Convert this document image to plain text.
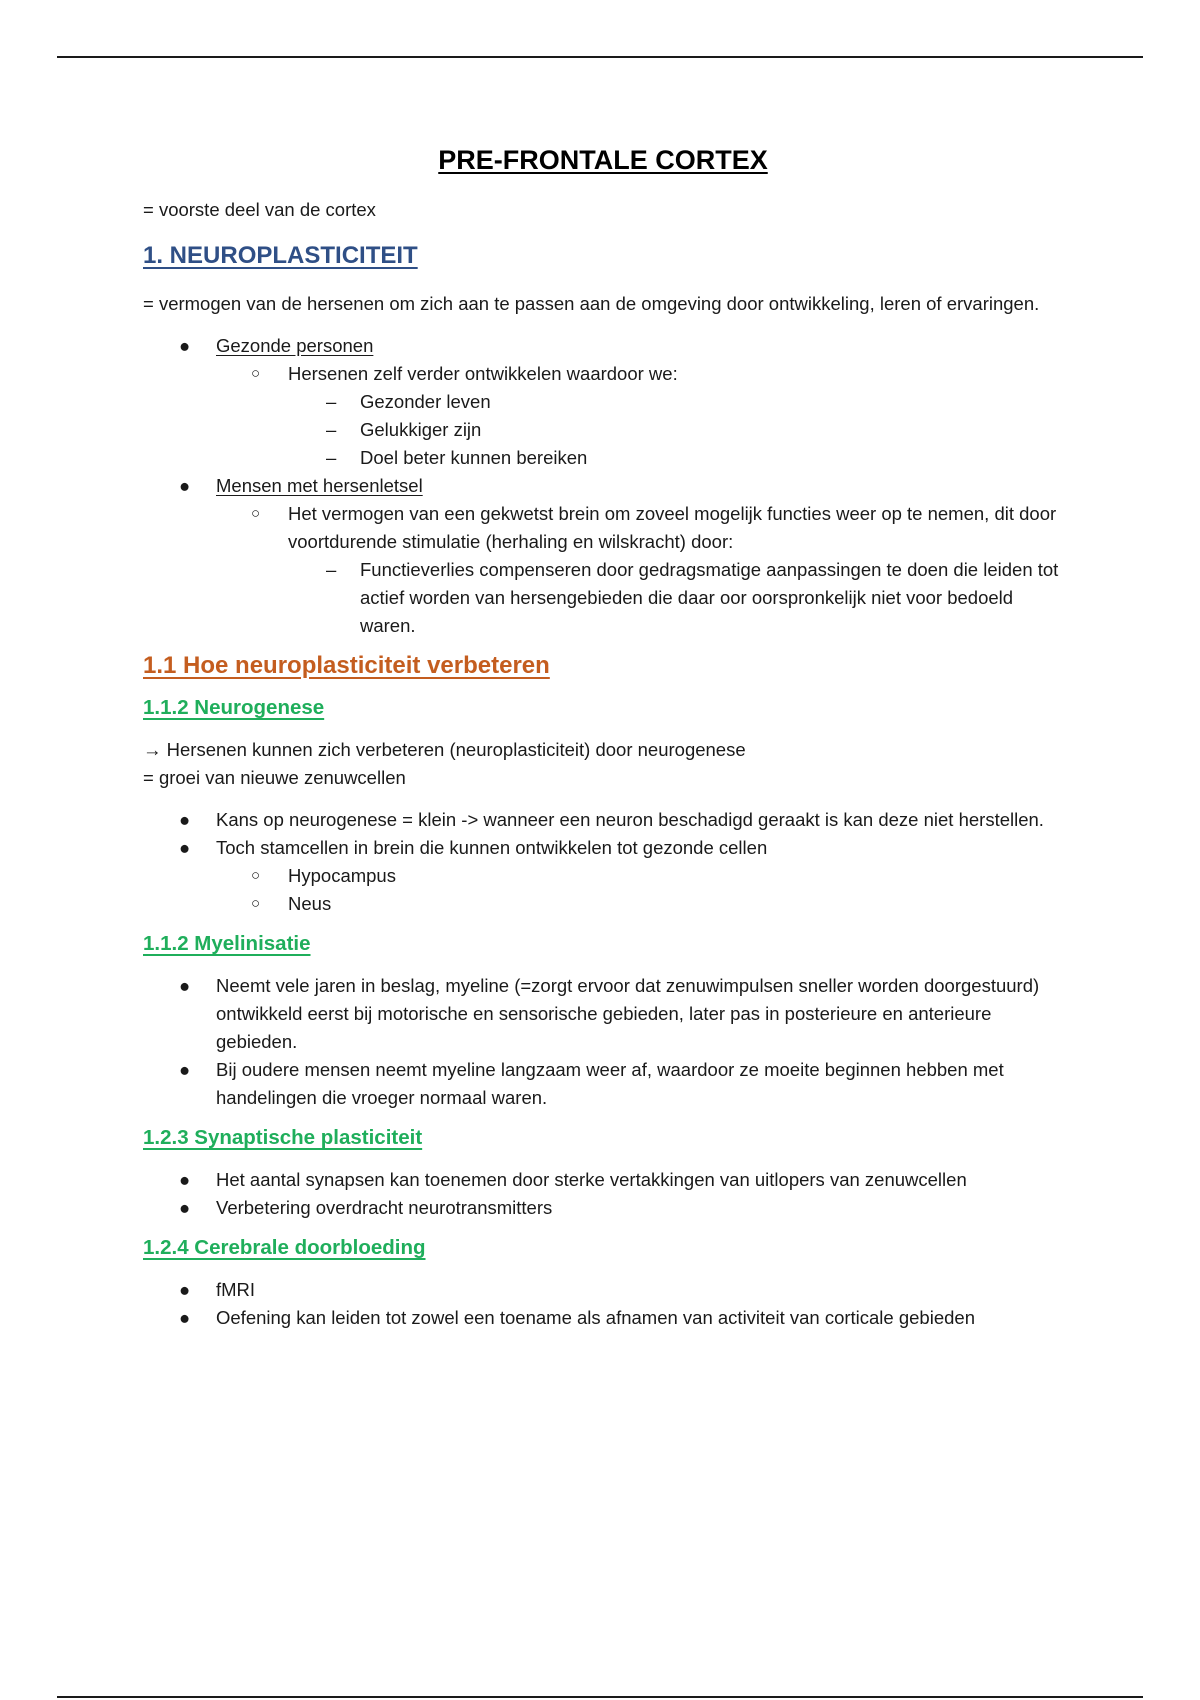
PRE-FRONTALE CORTEX

= voorste deel van de cortex

1. NEUROPLASTICITEIT

= vermogen van de hersenen om zich aan te passen aan de omgeving door ontwikkeling, leren of ervaringen.

● Gezonde personen
○ Hersenen zelf verder ontwikkelen waardoor we:
– Gezonder leven
– Gelukkiger zijn
– Doel beter kunnen bereiken
● Mensen met hersenletsel
○ Het vermogen van een gekwetst brein om zoveel mogelijk functies weer op te nemen, dit door voortdurende stimulatie (herhaling en wilskracht) door:
– Functieverlies compenseren door gedragsmatige aanpassingen te doen die leiden tot actief worden van hersengebieden die daar oor oorspronkelijk niet voor bedoeld waren.
1.1 Hoe neuroplasticiteit verbeteren
1.1.2 Neurogenese

→ Hersenen kunnen zich verbeteren (neuroplasticiteit) door neurogenese

= groei van nieuwe zenuwcellen

● Kans op neurogenese = klein -> wanneer een neuron beschadigd geraakt is kan deze niet herstellen.
● Toch stamcellen in brein die kunnen ontwikkelen tot gezonde cellen
○ Hypocampus
○ Neus
1.1.2 Myelinisatie
● Neemt vele jaren in beslag, myeline (=zorgt ervoor dat zenuwimpulsen sneller worden doorgestuurd) ontwikkeld eerst bij motorische en sensorische gebieden, later pas in posterieure en anterieure gebieden.
● Bij oudere mensen neemt myeline langzaam weer af, waardoor ze moeite beginnen hebben met handelingen die vroeger normaal waren.
1.2.3 Synaptische plasticiteit
● Het aantal synapsen kan toenemen door sterke vertakkingen van uitlopers van zenuwcellen
● Verbetering overdracht neurotransmitters
1.2.4 Cerebrale doorbloeding
● fMRI
● Oefening kan leiden tot zowel een toename als afnamen van activiteit van corticale gebieden
